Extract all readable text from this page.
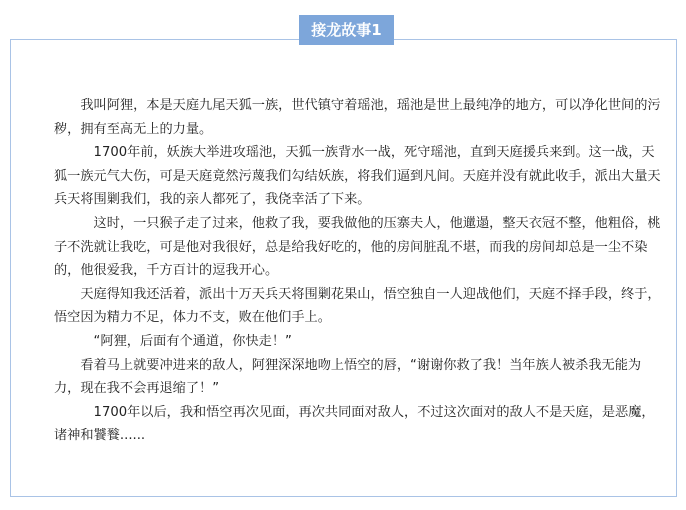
接龙故事1

　　我叫阿狸，本是天庭九尾天狐一族，世代镇守着瑶池，瑶池是世上最纯净的地方，可以净化世间的污秽，拥有至高无上的力量。

　　　1700年前，妖族大举进攻瑶池，天狐一族背水一战，死守瑶池，直到天庭援兵来到。这一战，天狐一族元气大伤，可是天庭竟然污蔑我们勾结妖族，将我们逼到凡间。天庭并没有就此收手，派出大量天兵天将围剿我们，我的亲人都死了，我侥幸活了下来。

　　　这时，一只猴子走了过来，他救了我，要我做他的压寨夫人，他邋遢，整天衣冠不整，他粗俗，桃子不洗就让我吃，可是他对我很好，总是给我好吃的，他的房间脏乱不堪，而我的房间却总是一尘不染的，他很爱我，千方百计的逗我开心。

　　天庭得知我还活着，派出十万天兵天将围剿花果山，悟空独自一人迎战他们，天庭不择手段，终于，悟空因为精力不足，体力不支，败在他们手上。

　　　“阿狸，后面有个通道，你快走！”

　　看着马上就要冲进来的敌人，阿狸深深地吻上悟空的唇，“谢谢你救了我！当年族人被杀我无能为力，现在我不会再退缩了！”

　　　1700年以后，我和悟空再次见面，再次共同面对敌人，不过这次面对的敌人不是天庭，是恶魔，诸神和饕餮......
